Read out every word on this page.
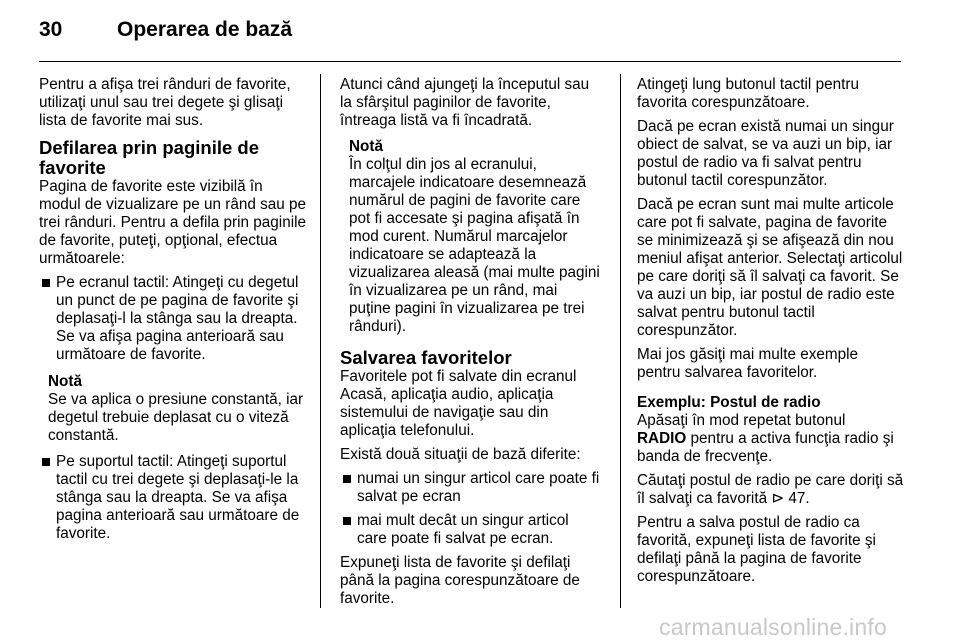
30	Operarea de bază

Pentru a afişa trei rânduri de favorite, utilizaţi unul sau trei degete şi glisaţi lista de favorite mai sus.

Defilarea prin paginile de favorite

Pagina de favorite este vizibilă în modul de vizualizare pe un rând sau pe trei rânduri. Pentru a defila prin paginile de favorite, puteţi, opţional, efectua următoarele:

Pe ecranul tactil: Atingeţi cu degetul un punct de pe pagina de favorite şi deplasaţi-l la stânga sau la dreapta. Se va afişa pagina anterioară sau următoare de favorite.
Notă
Se va aplica o presiune constantă, iar degetul trebuie deplasat cu o viteză constantă.
Pe suportul tactil: Atingeţi suportul tactil cu trei degete şi deplasaţi-le la stânga sau la dreapta. Se va afişa pagina anterioară sau următoare de favorite.

Atunci când ajungeţi la începutul sau la sfârşitul paginilor de favorite, întreaga listă va fi încadrată.

Notă
În colţul din jos al ecranului, marcajele indicatoare desemnează numărul de pagini de favorite care pot fi accesate şi pagina afişată în mod curent. Numărul marcajelor indicatoare se adaptează la vizualizarea aleasă (mai multe pagini în vizualizarea pe un rând, mai puţine pagini în vizualizarea pe trei rânduri).
Salvarea favoritelor

Favoritele pot fi salvate din ecranul Acasă, aplicaţia audio, aplicaţia sistemului de navigaţie sau din aplicaţia telefonului.

Există două situaţii de bază diferite:

numai un singur articol care poate fi salvat pe ecran
mai mult decât un singur articol care poate fi salvat pe ecran.

Expuneţi lista de favorite şi defilaţi până la pagina corespunzătoare de favorite.

Atingeţi lung butonul tactil pentru favorita corespunzătoare.

Dacă pe ecran există numai un singur obiect de salvat, se va auzi un bip, iar postul de radio va fi salvat pentru butonul tactil corespunzător.

Dacă pe ecran sunt mai multe articole care pot fi salvate, pagina de favorite se minimizează şi se afişează din nou meniul afişat anterior. Selectaţi articolul pe care doriţi să îl salvaţi ca favorit. Se va auzi un bip, iar postul de radio este salvat pentru butonul tactil corespunzător.

Mai jos găsiţi mai multe exemple pentru salvarea favoritelor.

Exemplu: Postul de radio

Apăsaţi în mod repetat butonul
RADIO pentru a activa funcţia radio şi banda de frecvenţe.

Căutaţi postul de radio pe care doriţi să îl salvaţi ca favorită ⊳ 47.

Pentru a salva postul de radio ca favorită, expuneţi lista de favorite şi defilaţi până la pagina de favorite corespunzătoare.

carmanualsonline.info
